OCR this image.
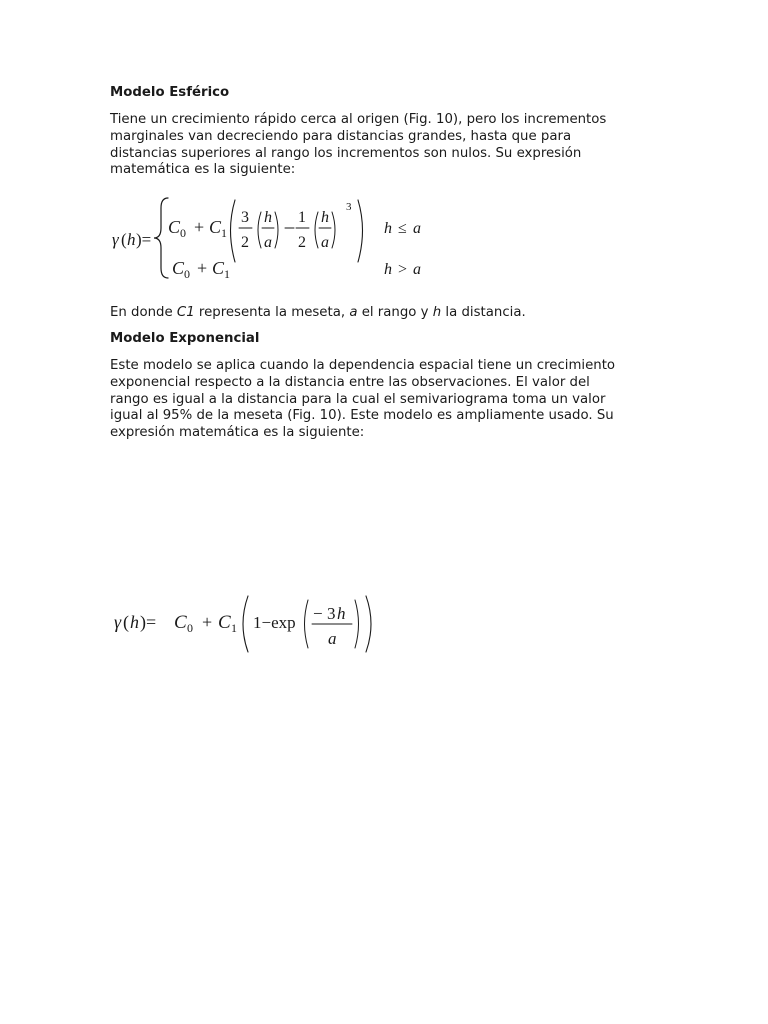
Modelo Esférico
Tiene un crecimiento rápido cerca al origen (Fig. 10), pero los incrementos
marginales van decreciendo para distancias grandes, hasta que para
distancias superiores al rango los incrementos son nulos. Su expresión
matemática es la siguiente:
γ ( h )=
C 0 + C 1
3
2
h
a
1
2
h
a
3
h ≤ a
C 0 + C 1	h > a
En donde C1 representa la meseta, a el rango y h la distancia.
Modelo Exponencial
Este modelo se aplica cuando la dependencia espacial tiene un crecimiento
exponencial respecto a la distancia entre las observaciones. El valor del
rango es igual a la distancia para la cual el semivariograma toma un valor
igual al 95% de la meseta (Fig. 10). Este modelo es ampliamente usado. Su
expresión matemática es la siguiente:
γ ( h )= C 0 + C 1 1−exp − 3 h
a
